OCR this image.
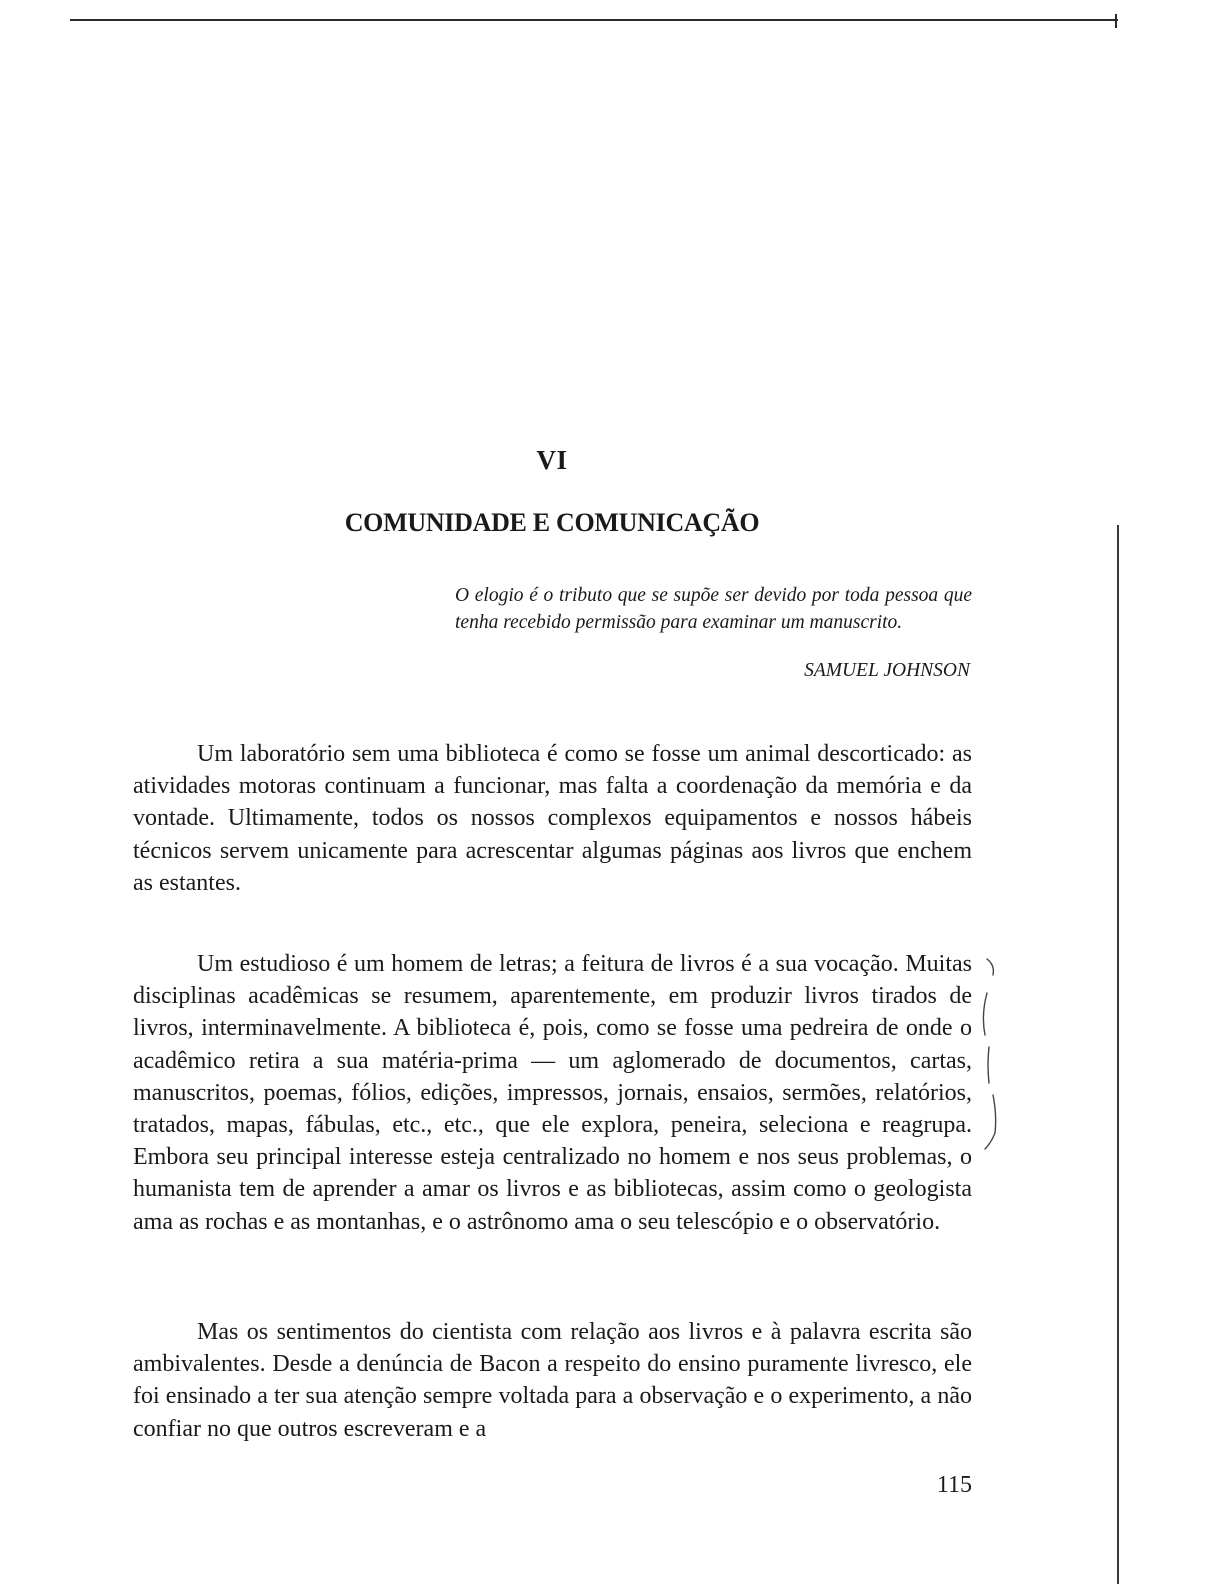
VI
COMUNIDADE E COMUNICAÇÃO
O elogio é o tributo que se supõe ser devido por toda pessoa que tenha recebido permissão para examinar um manuscrito.
SAMUEL JOHNSON

Um laboratório sem uma biblioteca é como se fosse um animal descorticado: as atividades motoras continuam a funcionar, mas falta a coordenação da memória e da vontade. Ultimamente, todos os nossos complexos equipamentos e nossos hábeis técnicos servem unicamente para acrescentar algumas páginas aos livros que enchem as estantes.

Um estudioso é um homem de letras; a feitura de livros é a sua vocação. Muitas disciplinas acadêmicas se resumem, aparentemente, em produzir livros tirados de livros, interminavelmente. A biblioteca é, pois, como se fosse uma pedreira de onde o acadêmico retira a sua matéria-prima — um aglomerado de documentos, cartas, manuscritos, poemas, fólios, edições, impressos, jornais, ensaios, sermões, relatórios, tratados, mapas, fábulas, etc., etc., que ele explora, peneira, seleciona e reagrupa. Embora seu principal interesse esteja centralizado no homem e nos seus problemas, o humanista tem de aprender a amar os livros e as bibliotecas, assim como o geologista ama as rochas e as montanhas, e o astrônomo ama o seu telescópio e o observatório.

Mas os sentimentos do cientista com relação aos livros e à palavra escrita são ambivalentes. Desde a denúncia de Bacon a respeito do ensino puramente livresco, ele foi ensinado a ter sua atenção sempre voltada para a observação e o experimento, a não confiar no que outros escreveram e a

115
